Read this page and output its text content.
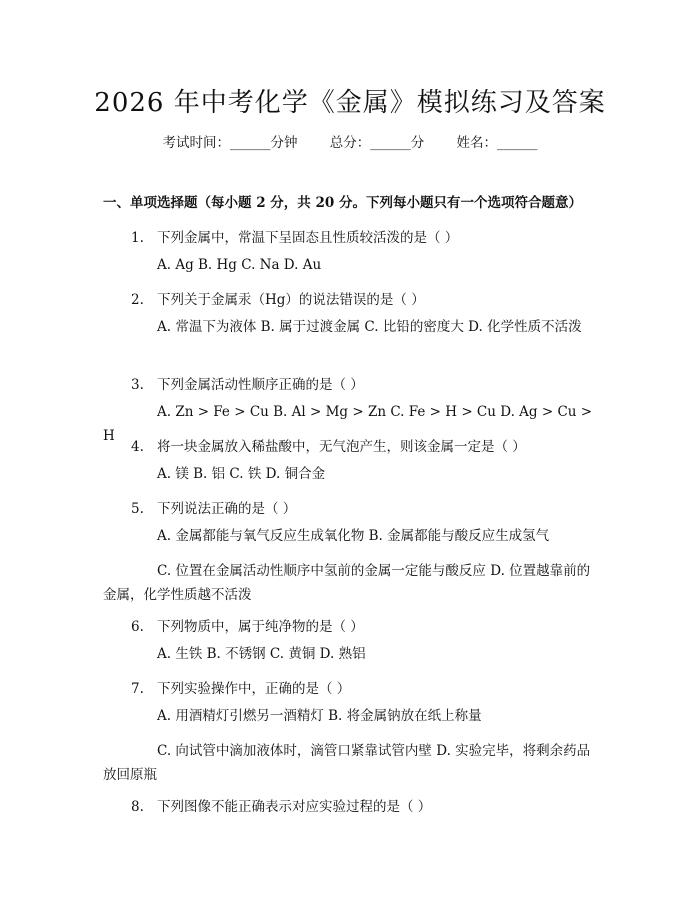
2026 年中考化学《金属》模拟练习及答案
考试时间：______分钟 总分：______分 姓名：______
一、单项选择题（每小题 2 分，共 20 分。下列每小题只有一个选项符合题意）
1. 下列金属中，常温下呈固态且性质较活泼的是（ ）
A. Ag B. Hg C. Na D. Au
2. 下列关于金属汞（Hg）的说法错误的是（ ）
A. 常温下为液体 B. 属于过渡金属 C. 比铅的密度大 D. 化学性质不活泼
3. 下列金属活动性顺序正确的是（ ）
A. Zn > Fe > Cu B. Al > Mg > Zn C. Fe > H > Cu D. Ag > Cu > H
4. 将一块金属放入稀盐酸中，无气泡产生，则该金属一定是（ ）
A. 镁 B. 铝 C. 铁 D. 铜合金
5. 下列说法正确的是（ ）
A. 金属都能与氧气反应生成氧化物 B. 金属都能与酸反应生成氢气
C. 位置在金属活动性顺序中氢前的金属一定能与酸反应 D. 位置越靠前的金属，化学性质越不活泼
6. 下列物质中，属于纯净物的是（ ）
A. 生铁 B. 不锈钢 C. 黄铜 D. 熟铝
7. 下列实验操作中，正确的是（ ）
A. 用酒精灯引燃另一酒精灯 B. 将金属钠放在纸上称量
C. 向试管中滴加液体时，滴管口紧靠试管内壁 D. 实验完毕，将剩余药品放回原瓶
8. 下列图像不能正确表示对应实验过程的是（ ）
